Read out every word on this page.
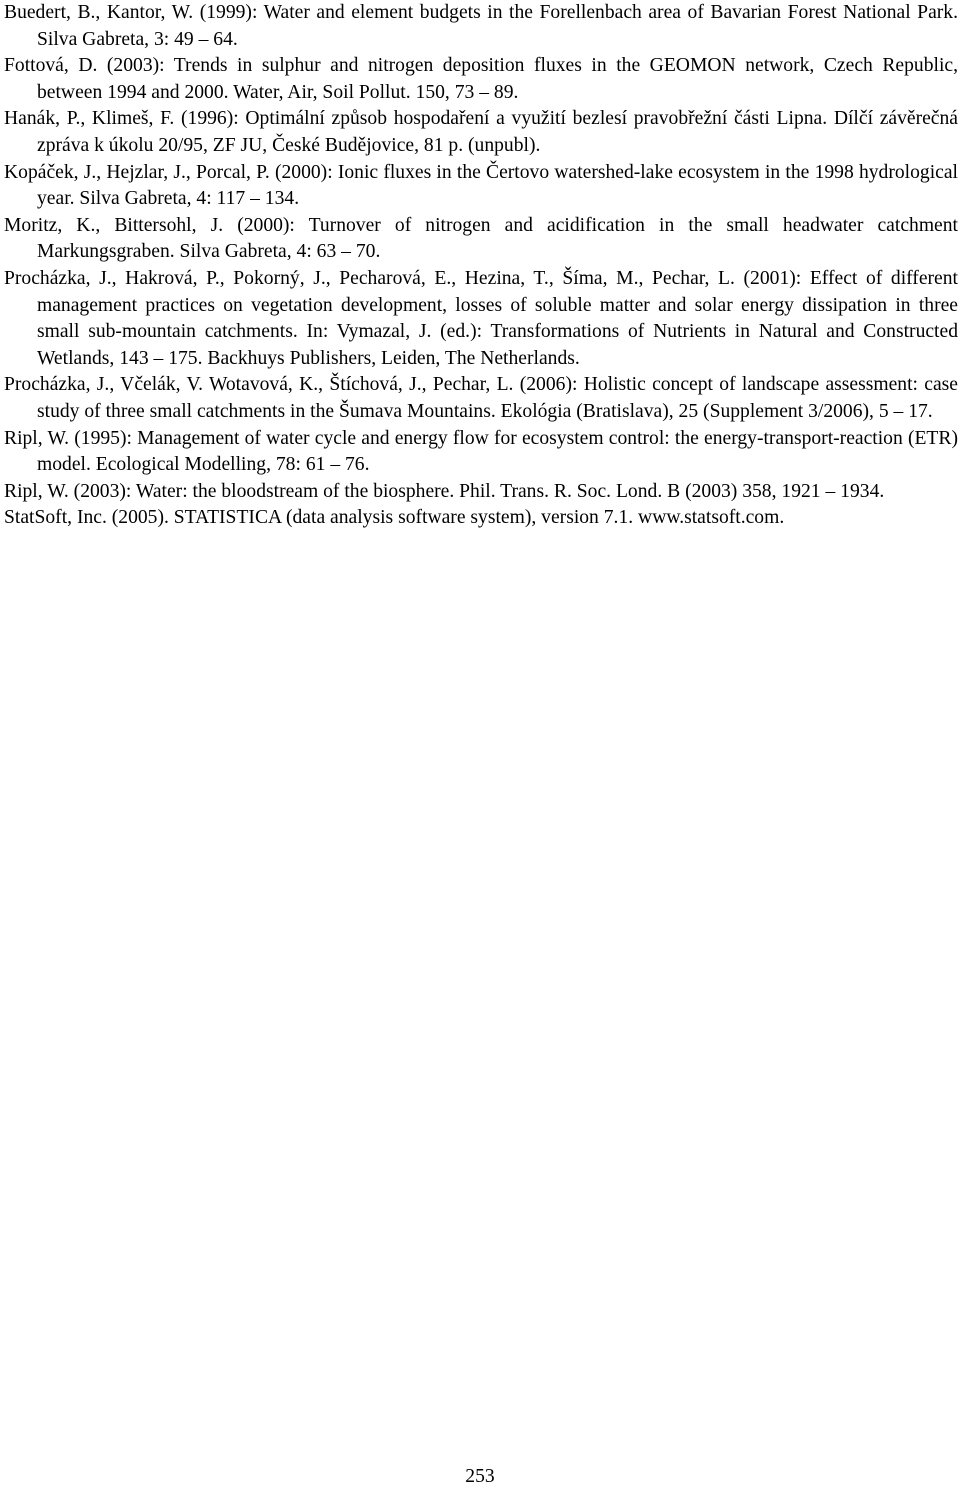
Buedert, B., Kantor, W. (1999): Water and element budgets in the Forellenbach area of Bavarian Forest National Park. Silva Gabreta, 3: 49 – 64.
Fottová, D. (2003): Trends in sulphur and nitrogen deposition fluxes in the GEOMON network, Czech Republic, between 1994 and 2000. Water, Air, Soil Pollut. 150, 73 – 89.
Hanák, P., Klimeš, F. (1996): Optimální způsob hospodaření a využití bezlesí pravobřežní části Lipna. Dílčí závěrečná zpráva k úkolu 20/95, ZF JU, České Budějovice, 81 p. (unpubl).
Kopáček, J., Hejzlar, J., Porcal, P. (2000): Ionic fluxes in the Čertovo watershed-lake ecosystem in the 1998 hydrological year. Silva Gabreta, 4: 117 – 134.
Moritz, K., Bittersohl, J. (2000): Turnover of nitrogen and acidification in the small headwater catchment Markungsgraben. Silva Gabreta, 4: 63 – 70.
Procházka, J., Hakrová, P., Pokorný, J., Pecharová, E., Hezina, T., Šíma, M., Pechar, L. (2001): Effect of different management practices on vegetation development, losses of soluble matter and solar energy dissipation in three small sub-mountain catchments. In: Vymazal, J. (ed.): Transformations of Nutrients in Natural and Constructed Wetlands, 143 – 175. Backhuys Publishers, Leiden, The Netherlands.
Procházka, J., Včelák, V. Wotavová, K., Štíchová, J., Pechar, L. (2006): Holistic concept of landscape assessment: case study of three small catchments in the Šumava Mountains. Ekológia (Bratislava), 25 (Supplement 3/2006), 5 – 17.
Ripl, W. (1995): Management of water cycle and energy flow for ecosystem control: the energy-transport-reaction (ETR) model. Ecological Modelling, 78: 61 – 76.
Ripl, W. (2003): Water: the bloodstream of the biosphere. Phil. Trans. R. Soc. Lond. B (2003) 358, 1921 – 1934.
StatSoft, Inc. (2005). STATISTICA (data analysis software system), version 7.1. www.statsoft.com.
253
